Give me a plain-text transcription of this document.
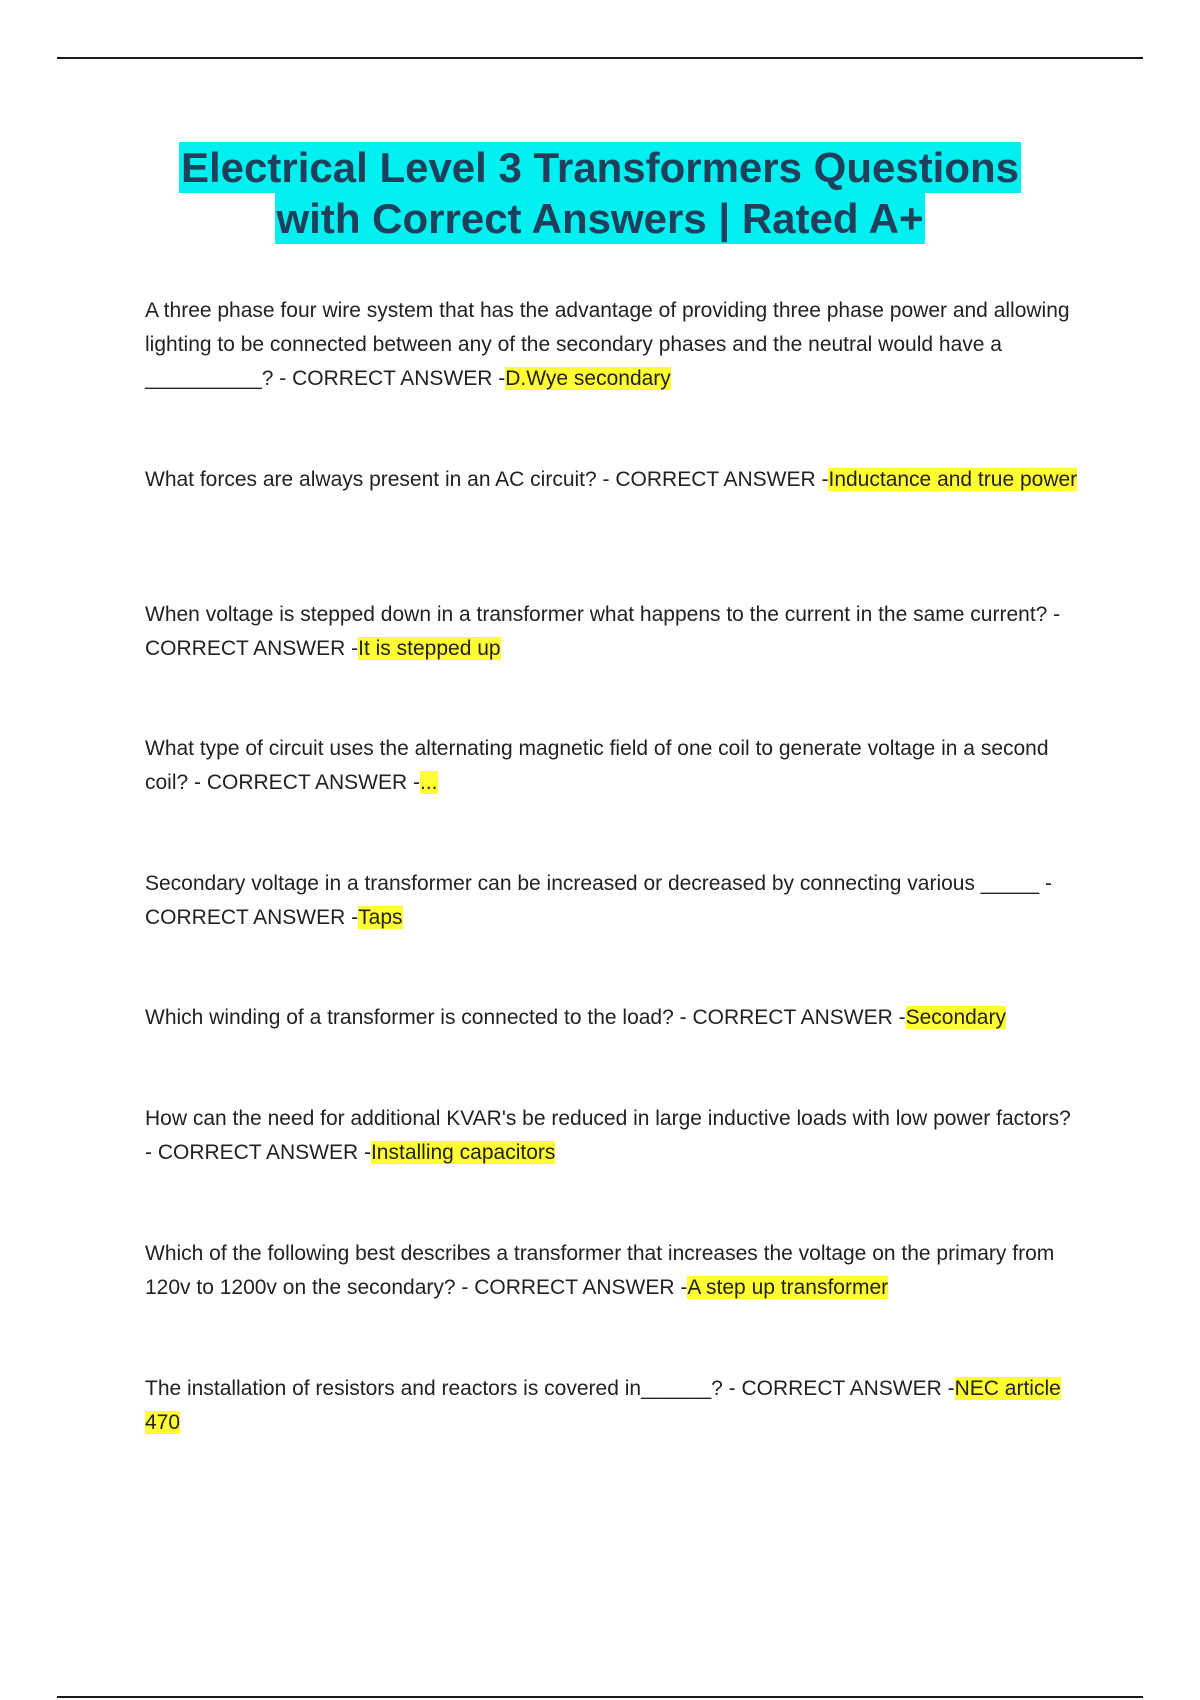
Electrical Level 3 Transformers Questions
with Correct Answers | Rated A+

A three phase four wire system that has the advantage of providing three phase power and allowing lighting to be connected between any of the secondary phases and the neutral would have a __________? - CORRECT ANSWER -D.Wye secondary

What forces are always present in an AC circuit? - CORRECT ANSWER -Inductance and true power

When voltage is stepped down in a transformer what happens to the current in the same current? - CORRECT ANSWER -It is stepped up

What type of circuit uses the alternating magnetic field of one coil to generate voltage in a second coil? - CORRECT ANSWER -...

Secondary voltage in a transformer can be increased or decreased by connecting various _____ - CORRECT ANSWER -Taps

Which winding of a transformer is connected to the load? - CORRECT ANSWER -Secondary

How can the need for additional KVAR's be reduced in large inductive loads with low power factors? - CORRECT ANSWER -Installing capacitors

Which of the following best describes a transformer that increases the voltage on the primary from 120v to 1200v on the secondary? - CORRECT ANSWER -A step up transformer

The installation of resistors and reactors is covered in______? - CORRECT ANSWER -NEC article 470
